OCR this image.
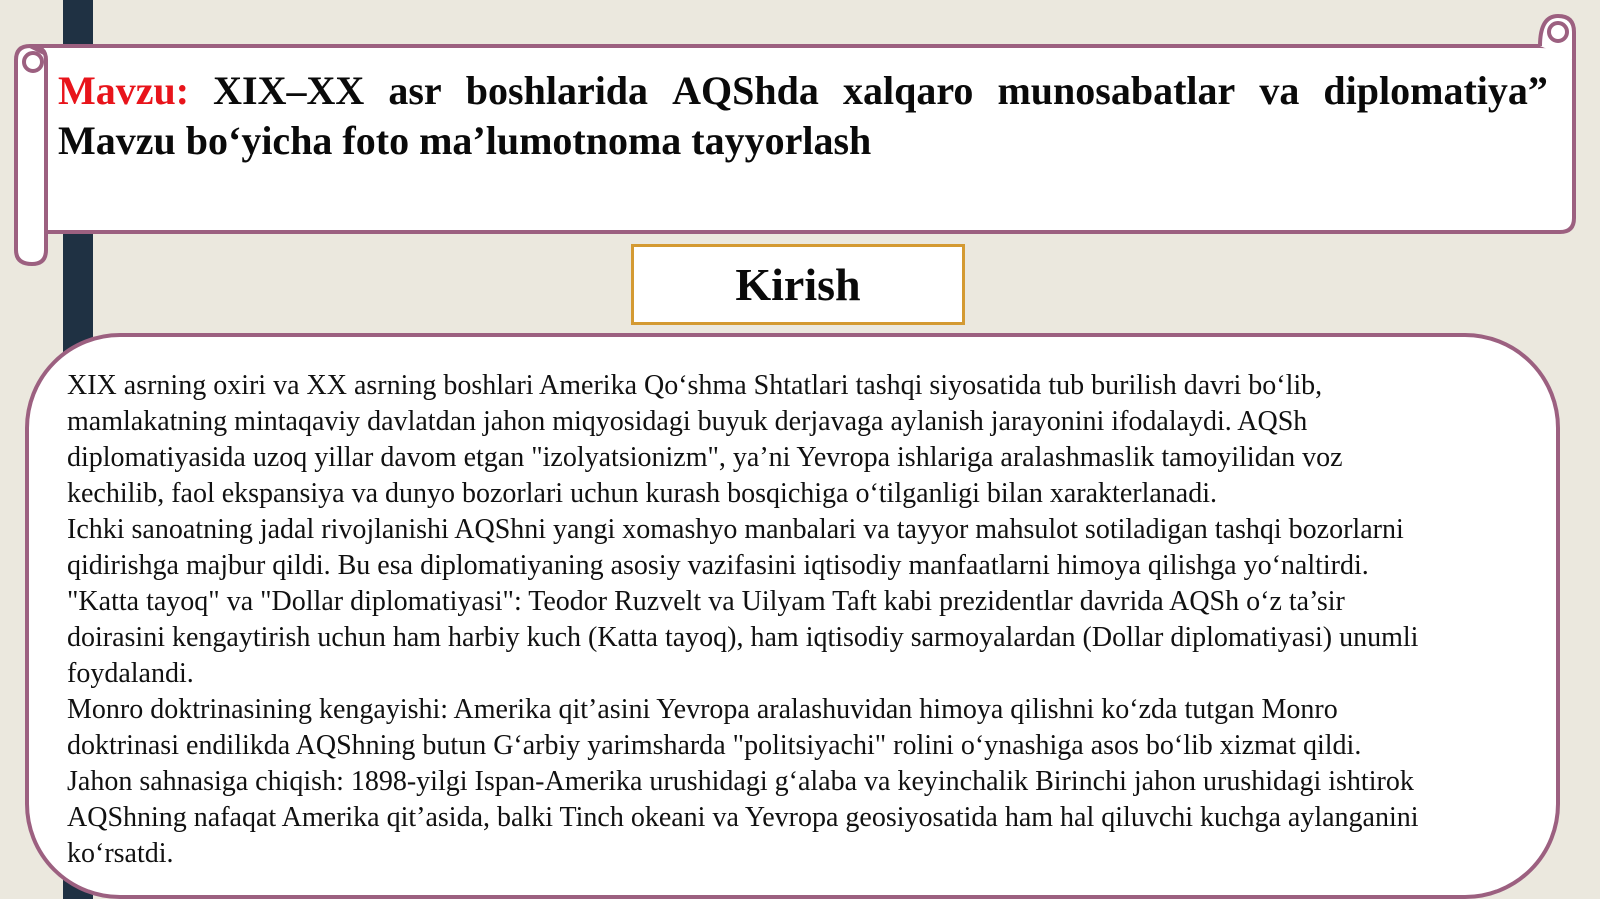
Mavzu: XIX–XX asr boshlarida AQShda xalqaro munosabatlar va diplomatiya”
Mavzu bo‘yicha foto ma’lumotnoma tayyorlash
Kirish

XIX asrning oxiri va XX asrning boshlari Amerika Qo‘shma Shtatlari tashqi siyosatida tub burilish davri bo‘lib,
mamlakatning mintaqaviy davlatdan jahon miqyosidagi buyuk derjavaga aylanish jarayonini ifodalaydi. AQSh
diplomatiyasida uzoq yillar davom etgan "izolyatsionizm", ya’ni Yevropa ishlariga aralashmaslik tamoyilidan voz
kechilib, faol ekspansiya va dunyo bozorlari uchun kurash bosqichiga o‘tilganligi bilan xarakterlanadi.

Ichki sanoatning jadal rivojlanishi AQShni yangi xomashyo manbalari va tayyor mahsulot sotiladigan tashqi bozorlarni
qidirishga majbur qildi. Bu esa diplomatiyaning asosiy vazifasini iqtisodiy manfaatlarni himoya qilishga yo‘naltirdi.

"Katta tayoq" va "Dollar diplomatiyasi": Teodor Ruzvelt va Uilyam Taft kabi prezidentlar davrida AQSh o‘z ta’sir
doirasini kengaytirish uchun ham harbiy kuch (Katta tayoq), ham iqtisodiy sarmoyalardan (Dollar diplomatiyasi) unumli
foydalandi.

Monro doktrinasining kengayishi: Amerika qit’asini Yevropa aralashuvidan himoya qilishni ko‘zda tutgan Monro
doktrinasi endilikda AQShning butun G‘arbiy yarimsharda "politsiyachi" rolini o‘ynashiga asos bo‘lib xizmat qildi.

Jahon sahnasiga chiqish: 1898-yilgi Ispan-Amerika urushidagi g‘alaba va keyinchalik Birinchi jahon urushidagi ishtirok
AQShning nafaqat Amerika qit’asida, balki Tinch okeani va Yevropa geosiyosatida ham hal qiluvchi kuchga aylanganini
ko‘rsatdi.
